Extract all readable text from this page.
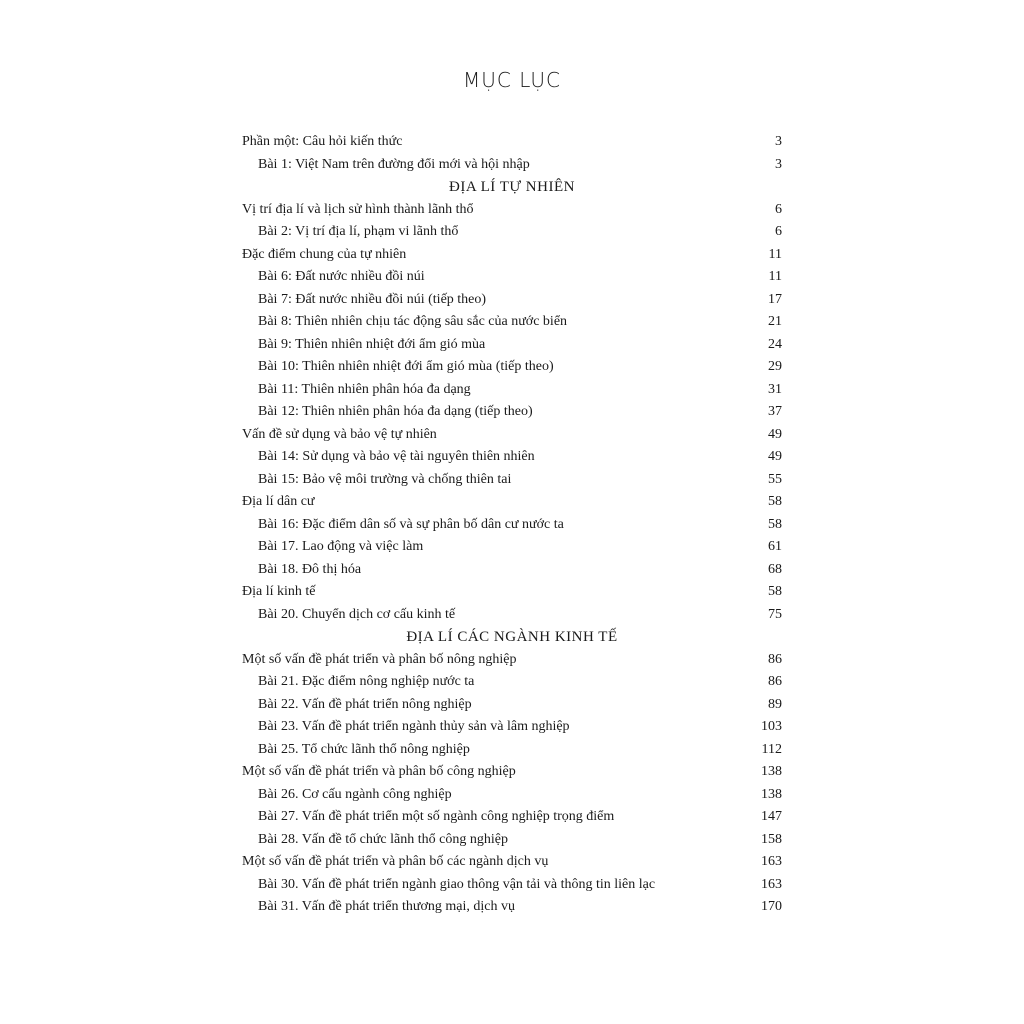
MỤC LỤC
Phần một: Câu hỏi kiến thức .....	3
Bài 1: Việt Nam trên đường đổi mới và hội nhập .....	3
ĐỊA LÍ TỰ NHIÊN
Vị trí địa lí và lịch sử hình thành lãnh thổ .....	6
Bài 2: Vị trí địa lí, phạm vi lãnh thổ .....	6
Đặc điểm chung của tự nhiên .....	11
Bài 6: Đất nước nhiều đồi núi .....	11
Bài 7: Đất nước nhiều đồi núi (tiếp theo) .....	17
Bài 8: Thiên nhiên chịu tác động sâu sắc của nước biển .....	21
Bài 9: Thiên nhiên nhiệt đới ẩm gió mùa .....	24
Bài 10: Thiên nhiên nhiệt đới ẩm gió mùa (tiếp theo) .....	29
Bài 11: Thiên nhiên phân hóa đa dạng .....	31
Bài 12: Thiên nhiên phân hóa đa dạng (tiếp theo) .....	37
Vấn đề sử dụng và bảo vệ tự nhiên .....	49
Bài 14: Sử dụng và bảo vệ tài nguyên thiên nhiên .....	49
Bài 15: Bảo vệ môi trường và chống thiên tai .....	55
Địa lí dân cư .....	58
Bài 16: Đặc điểm dân số và sự phân bố dân cư nước ta .....	58
Bài 17. Lao động và việc làm .....	61
Bài 18. Đô thị hóa .....	68
Địa lí kinh tế .....	58
Bài 20. Chuyển dịch cơ cấu kinh tế .....	75
ĐỊA LÍ CÁC NGÀNH KINH TẾ
Một số vấn đề phát triển và phân bố nông nghiệp .....	86
Bài 21. Đặc điểm nông nghiệp nước ta .....	86
Bài 22. Vấn đề phát triển nông nghiệp .....	89
Bài 23. Vấn đề phát triển ngành thủy sản và lâm nghiệp .....	103
Bài 25. Tổ chức lãnh thổ nông nghiệp .....	112
Một số vấn đề phát triển và phân bố công nghiệp .....	138
Bài 26. Cơ cấu ngành công nghiệp .....	138
Bài 27. Vấn đề phát triển một số ngành công nghiệp trọng điểm .....	147
Bài 28. Vấn đề tổ chức lãnh thổ công nghiệp .....	158
Một số vấn đề phát triển và phân bố các ngành dịch vụ .....	163
Bài 30. Vấn đề phát triển ngành giao thông vận tải và thông tin liên lạc .....	163
Bài 31. Vấn đề phát triển thương mại, dịch vụ .....	170
